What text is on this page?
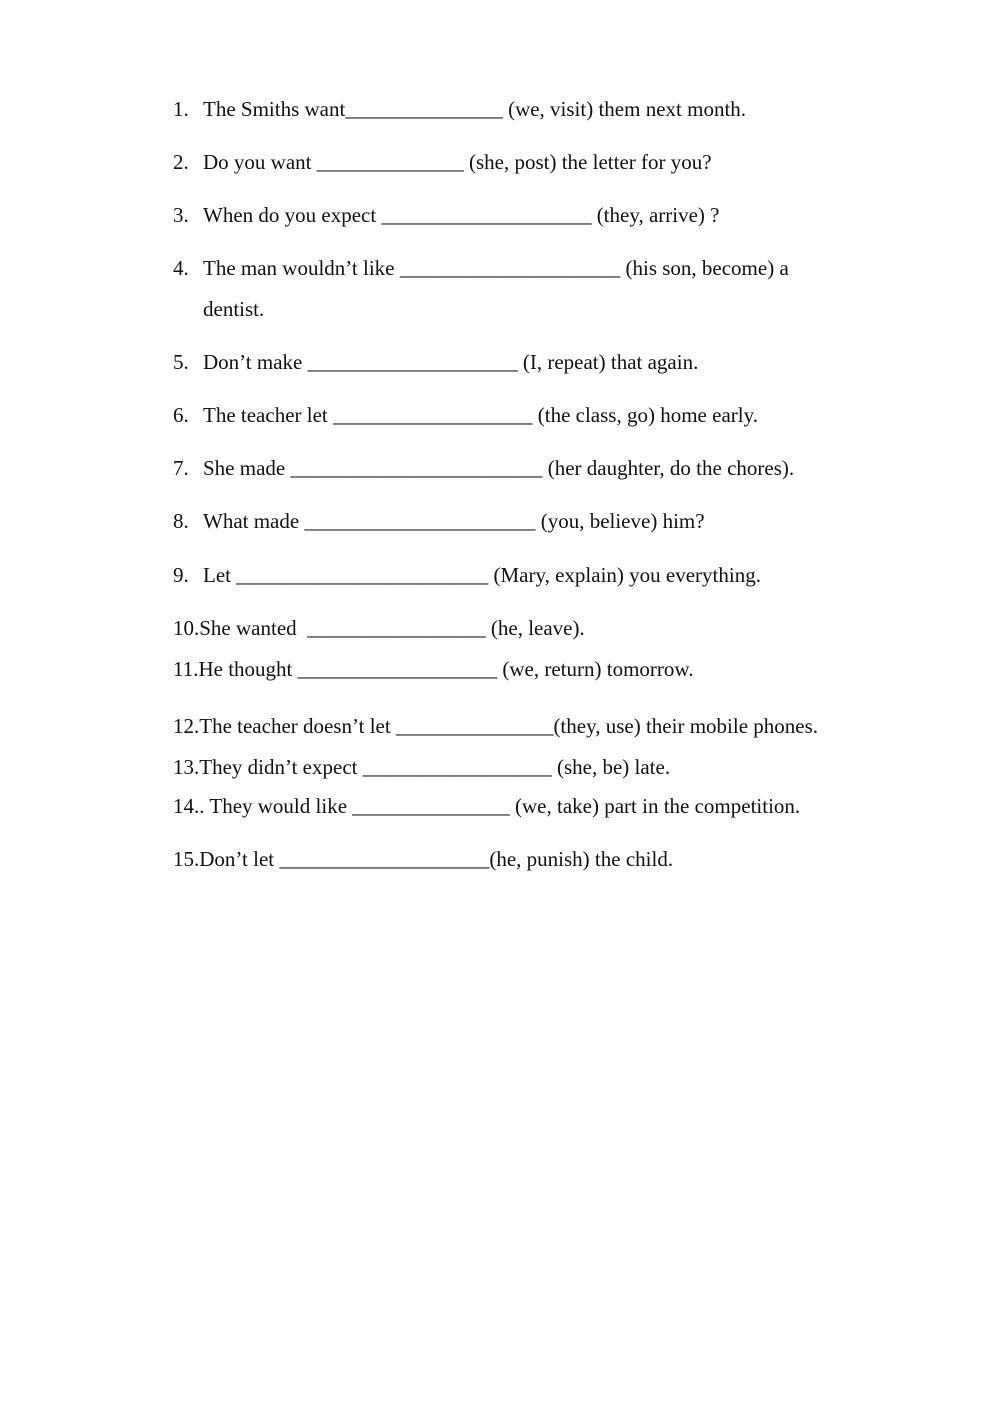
1. The Smiths want_______________ (we, visit) them next month.
2. Do you want ______________ (she, post) the letter for you?
3. When do you expect ____________________ (they, arrive) ?
4. The man wouldn’t like _____________________ (his son, become) a
dentist.
5. Don’t make ____________________ (I, repeat) that again.
6. The teacher let ___________________ (the class, go) home early.
7. She made ________________________ (her daughter, do the chores).
8. What made ______________________ (you, believe) him?
9. Let ________________________ (Mary, explain) you everything.
10.She wanted  _________________ (he, leave).
11.He thought ___________________ (we, return) tomorrow.
12.The teacher doesn’t let _______________(they, use) their mobile phones.
13.They didn’t expect __________________ (she, be) late.
14.. They would like _______________ (we, take) part in the competition.
15.Don’t let ____________________(he, punish) the child.
